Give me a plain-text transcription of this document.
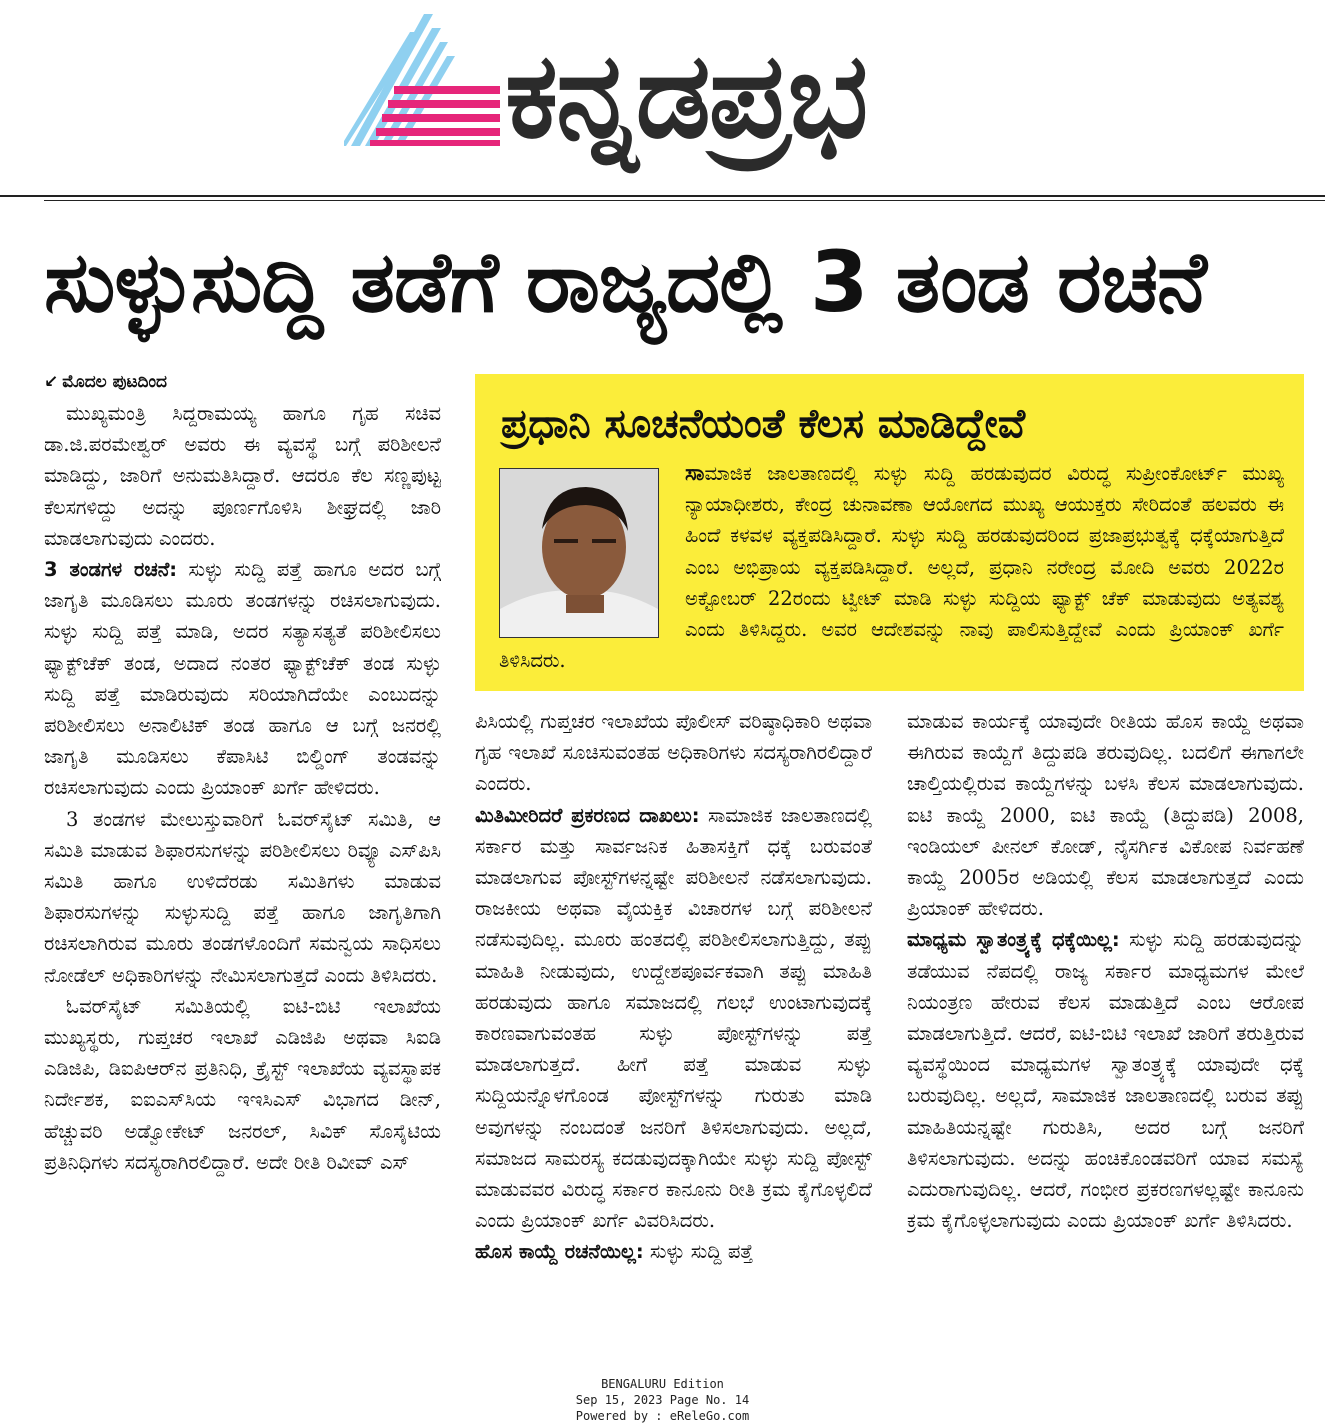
ಕನ್ನಡಪ್ರಭ
ಸುಳ್ಳುಸುದ್ದಿ ತಡೆಗೆ ರಾಜ್ಯದಲ್ಲಿ 3 ತಂಡ ರಚನೆ
↙ ಮೊದಲ ಪುಟದಿಂದ

ಮುಖ್ಯಮಂತ್ರಿ ಸಿದ್ದರಾಮಯ್ಯ ಹಾಗೂ ಗೃಹ ಸಚಿವ ಡಾ.ಜಿ.ಪರಮೇಶ್ವರ್ ಅವರು ಈ ವ್ಯವಸ್ಥೆ ಬಗ್ಗೆ ಪರಿಶೀಲನೆ ಮಾಡಿದ್ದು, ಜಾರಿಗೆ ಅನುಮತಿಸಿದ್ದಾರೆ. ಆದರೂ ಕೆಲ ಸಣ್ಣಪುಟ್ಟ ಕೆಲಸಗಳಿದ್ದು ಅದನ್ನು ಪೂರ್ಣಗೊಳಿಸಿ ಶೀಘ್ರದಲ್ಲಿ ಜಾರಿ ಮಾಡಲಾಗುವುದು ಎಂದರು.

3 ತಂಡಗಳ ರಚನೆ: ಸುಳ್ಳು ಸುದ್ದಿ ಪತ್ತೆ ಹಾಗೂ ಅದರ ಬಗ್ಗೆ ಜಾಗೃತಿ ಮೂಡಿಸಲು ಮೂರು ತಂಡಗಳನ್ನು ರಚಿಸಲಾಗುವುದು. ಸುಳ್ಳು ಸುದ್ದಿ ಪತ್ತೆ ಮಾಡಿ, ಅದರ ಸತ್ಯಾಸತ್ಯತೆ ಪರಿಶೀಲಿಸಲು ಫ್ಯಾಕ್ಟ್‌ಚೆಕ್ ತಂಡ, ಅದಾದ ನಂತರ ಫ್ಯಾಕ್ಟ್‌ಚೆಕ್ ತಂಡ ಸುಳ್ಳು ಸುದ್ದಿ ಪತ್ತೆ ಮಾಡಿರುವುದು ಸರಿಯಾಗಿದೆಯೇ ಎಂಬುದನ್ನು ಪರಿಶೀಲಿಸಲು ಅನಾಲಿಟಿಕ್ ತಂಡ ಹಾಗೂ ಆ ಬಗ್ಗೆ ಜನರಲ್ಲಿ ಜಾಗೃತಿ ಮೂಡಿಸಲು ಕೆಪಾಸಿಟಿ ಬಿಲ್ಡಿಂಗ್ ತಂಡವನ್ನು ರಚಿಸಲಾಗುವುದು ಎಂದು ಪ್ರಿಯಾಂಕ್ ಖರ್ಗೆ ಹೇಳಿದರು.

3 ತಂಡಗಳ ಮೇಲುಸ್ತುವಾರಿಗೆ ಓವರ್‌ಸೈಟ್ ಸಮಿತಿ, ಆ ಸಮಿತಿ ಮಾಡುವ ಶಿಫಾರಸುಗಳನ್ನು ಪರಿಶೀಲಿಸಲು ರಿವ್ಯೂ ಎಸ್‌ಪಿಸಿ ಸಮಿತಿ ಹಾಗೂ ಉಳಿದೆರಡು ಸಮಿತಿಗಳು ಮಾಡುವ ಶಿಫಾರಸುಗಳನ್ನು ಸುಳ್ಳುಸುದ್ದಿ ಪತ್ತೆ ಹಾಗೂ ಜಾಗೃತಿಗಾಗಿ ರಚಿಸಲಾಗಿರುವ ಮೂರು ತಂಡಗಳೊಂದಿಗೆ ಸಮನ್ವಯ ಸಾಧಿಸಲು ನೋಡೆಲ್ ಅಧಿಕಾರಿಗಳನ್ನು ನೇಮಿಸಲಾಗುತ್ತದೆ ಎಂದು ತಿಳಿಸಿದರು.

ಓವರ್‌ಸೈಟ್ ಸಮಿತಿಯಲ್ಲಿ ಐಟಿ-ಬಿಟಿ ಇಲಾಖೆಯ ಮುಖ್ಯಸ್ಥರು, ಗುಪ್ತಚರ ಇಲಾಖೆ ಎಡಿಜಿಪಿ ಅಥವಾ ಸಿಐಡಿ ಎಡಿಜಿಪಿ, ಡಿಐಪಿಆರ್‌ನ ಪ್ರತಿನಿಧಿ, ಕ್ರೈಸ್ಟ್ ಇಲಾಖೆಯ ವ್ಯವಸ್ಥಾಪಕ ನಿರ್ದೇಶಕ, ಐಐಎಸ್‌ಸಿಯ ಇಇಸಿಎಸ್ ವಿಭಾಗದ ಡೀನ್, ಹೆಚ್ಚುವರಿ ಅಡ್ವೋಕೇಟ್ ಜನರಲ್, ಸಿವಿಕ್ ಸೊಸೈಟಿಯ ಪ್ರತಿನಿಧಿಗಳು ಸದಸ್ಯರಾಗಿರಲಿದ್ದಾರೆ. ಅದೇ ರೀತಿ ರಿವೀವ್ ಎಸ್

ಪ್ರಧಾನಿ ಸೂಚನೆಯಂತೆ ಕೆಲಸ ಮಾಡಿದ್ದೇವೆ
ಸಾಮಾಜಿಕ ಜಾಲತಾಣದಲ್ಲಿ ಸುಳ್ಳು ಸುದ್ದಿ ಹರಡುವುದರ ವಿರುದ್ಧ ಸುಪ್ರೀಂಕೋರ್ಟ್ ಮುಖ್ಯ ನ್ಯಾಯಾಧೀಶರು, ಕೇಂದ್ರ ಚುನಾವಣಾ ಆಯೋಗದ ಮುಖ್ಯ ಆಯುಕ್ತರು ಸೇರಿದಂತೆ ಹಲವರು ಈ ಹಿಂದೆ ಕಳವಳ ವ್ಯಕ್ತಪಡಿಸಿದ್ದಾರೆ. ಸುಳ್ಳು ಸುದ್ದಿ ಹರಡುವುದರಿಂದ ಪ್ರಜಾಪ್ರಭುತ್ವಕ್ಕೆ ಧಕ್ಕೆಯಾಗುತ್ತಿದೆ ಎಂಬ ಅಭಿಪ್ರಾಯ ವ್ಯಕ್ತಪಡಿಸಿದ್ದಾರೆ. ಅಲ್ಲದೆ, ಪ್ರಧಾನಿ ನರೇಂದ್ರ ಮೋದಿ ಅವರು 2022ರ ಅಕ್ಟೋಬರ್ 22ರಂದು ಟ್ವೀಟ್ ಮಾಡಿ ಸುಳ್ಳು ಸುದ್ದಿಯ ಫ್ಯಾಕ್ಟ್ ಚೆಕ್ ಮಾಡುವುದು ಅತ್ಯವಶ್ಯ ಎಂದು ತಿಳಿಸಿದ್ದರು. ಅವರ ಆದೇಶವನ್ನು ನಾವು ಪಾಲಿಸುತ್ತಿದ್ದೇವೆ ಎಂದು ಪ್ರಿಯಾಂಕ್ ಖರ್ಗೆ ತಿಳಿಸಿದರು.

ಪಿಸಿಯಲ್ಲಿ ಗುಪ್ತಚರ ಇಲಾಖೆಯ ಪೊಲೀಸ್ ವರಿಷ್ಠಾಧಿಕಾರಿ ಅಥವಾ ಗೃಹ ಇಲಾಖೆ ಸೂಚಿಸುವಂತಹ ಅಧಿಕಾರಿಗಳು ಸದಸ್ಯರಾಗಿರಲಿದ್ದಾರೆ ಎಂದರು.

ಮಿತಿಮೀರಿದರೆ ಪ್ರಕರಣದ ದಾಖಲು: ಸಾಮಾಜಿಕ ಜಾಲತಾಣದಲ್ಲಿ ಸರ್ಕಾರ ಮತ್ತು ಸಾರ್ವಜನಿಕ ಹಿತಾಸಕ್ತಿಗೆ ಧಕ್ಕೆ ಬರುವಂತೆ ಮಾಡಲಾಗುವ ಪೋಸ್ಟ್‌ಗಳನ್ನಷ್ಟೇ ಪರಿಶೀಲನೆ ನಡೆಸಲಾಗುವುದು. ರಾಜಕೀಯ ಅಥವಾ ವೈಯಕ್ತಿಕ ವಿಚಾರಗಳ ಬಗ್ಗೆ ಪರಿಶೀಲನೆ ನಡೆಸುವುದಿಲ್ಲ. ಮೂರು ಹಂತದಲ್ಲಿ ಪರಿಶೀಲಿಸಲಾಗುತ್ತಿದ್ದು, ತಪ್ಪು ಮಾಹಿತಿ ನೀಡುವುದು, ಉದ್ದೇಶಪೂರ್ವಕವಾಗಿ ತಪ್ಪು ಮಾಹಿತಿ ಹರಡುವುದು ಹಾಗೂ ಸಮಾಜದಲ್ಲಿ ಗಲಭೆ ಉಂಟಾಗುವುದಕ್ಕೆ ಕಾರಣವಾಗುವಂತಹ ಸುಳ್ಳು ಪೋಸ್ಟ್‌ಗಳನ್ನು ಪತ್ತೆ ಮಾಡಲಾಗುತ್ತದೆ. ಹೀಗೆ ಪತ್ತೆ ಮಾಡುವ ಸುಳ್ಳು ಸುದ್ದಿಯನ್ನೊಳಗೊಂಡ ಪೋಸ್ಟ್‌ಗಳನ್ನು ಗುರುತು ಮಾಡಿ ಅವುಗಳನ್ನು ನಂಬದಂತೆ ಜನರಿಗೆ ತಿಳಿಸಲಾಗುವುದು. ಅಲ್ಲದೆ, ಸಮಾಜದ ಸಾಮರಸ್ಯ ಕದಡುವುದಕ್ಕಾಗಿಯೇ ಸುಳ್ಳು ಸುದ್ದಿ ಪೋಸ್ಟ್ ಮಾಡುವವರ ವಿರುದ್ಧ ಸರ್ಕಾರ ಕಾನೂನು ರೀತಿ ಕ್ರಮ ಕೈಗೊಳ್ಳಲಿದೆ ಎಂದು ಪ್ರಿಯಾಂಕ್ ಖರ್ಗೆ ವಿವರಿಸಿದರು.

ಹೊಸ ಕಾಯ್ದೆ ರಚನೆಯಿಲ್ಲ: ಸುಳ್ಳು ಸುದ್ದಿ ಪತ್ತೆ

ಮಾಡುವ ಕಾರ್ಯಕ್ಕೆ ಯಾವುದೇ ರೀತಿಯ ಹೊಸ ಕಾಯ್ದೆ ಅಥವಾ ಈಗಿರುವ ಕಾಯ್ದೆಗೆ ತಿದ್ದುಪಡಿ ತರುವುದಿಲ್ಲ. ಬದಲಿಗೆ ಈಗಾಗಲೇ ಚಾಲ್ತಿಯಲ್ಲಿರುವ ಕಾಯ್ದೆಗಳನ್ನು ಬಳಸಿ ಕೆಲಸ ಮಾಡಲಾಗುವುದು. ಐಟಿ ಕಾಯ್ದೆ 2000, ಐಟಿ ಕಾಯ್ದೆ (ತಿದ್ದುಪಡಿ) 2008, ಇಂಡಿಯಲ್ ಪೀನಲ್ ಕೋಡ್, ನೈಸರ್ಗಿಕ ವಿಕೋಪ ನಿರ್ವಹಣೆ ಕಾಯ್ದೆ 2005ರ ಅಡಿಯಲ್ಲಿ ಕೆಲಸ ಮಾಡಲಾಗುತ್ತದೆ ಎಂದು ಪ್ರಿಯಾಂಕ್ ಹೇಳಿದರು.

ಮಾಧ್ಯಮ ಸ್ವಾತಂತ್ರ್ಯಕ್ಕೆ ಧಕ್ಕೆಯಿಲ್ಲ: ಸುಳ್ಳು ಸುದ್ದಿ ಹರಡುವುದನ್ನು ತಡೆಯುವ ನೆಪದಲ್ಲಿ ರಾಜ್ಯ ಸರ್ಕಾರ ಮಾಧ್ಯಮಗಳ ಮೇಲೆ ನಿಯಂತ್ರಣ ಹೇರುವ ಕೆಲಸ ಮಾಡುತ್ತಿದೆ ಎಂಬ ಆರೋಪ ಮಾಡಲಾಗುತ್ತಿದೆ. ಆದರೆ, ಐಟಿ-ಬಿಟಿ ಇಲಾಖೆ ಜಾರಿಗೆ ತರುತ್ತಿರುವ ವ್ಯವಸ್ಥೆಯಿಂದ ಮಾಧ್ಯಮಗಳ ಸ್ವಾತಂತ್ರ್ಯಕ್ಕೆ ಯಾವುದೇ ಧಕ್ಕೆ ಬರುವುದಿಲ್ಲ. ಅಲ್ಲದೆ, ಸಾಮಾಜಿಕ ಜಾಲತಾಣದಲ್ಲಿ ಬರುವ ತಪ್ಪು ಮಾಹಿತಿಯನ್ನಷ್ಟೇ ಗುರುತಿಸಿ, ಅದರ ಬಗ್ಗೆ ಜನರಿಗೆ ತಿಳಿಸಲಾಗುವುದು. ಅದನ್ನು ಹಂಚಿಕೊಂಡವರಿಗೆ ಯಾವ ಸಮಸ್ಯೆ ಎದುರಾಗುವುದಿಲ್ಲ. ಆದರೆ, ಗಂಭೀರ ಪ್ರಕರಣಗಳಲ್ಲಷ್ಟೇ ಕಾನೂನು ಕ್ರಮ ಕೈಗೊಳ್ಳಲಾಗುವುದು ಎಂದು ಪ್ರಿಯಾಂಕ್ ಖರ್ಗೆ ತಿಳಿಸಿದರು.

BENGALURU Edition
Sep 15, 2023 Page No. 14
Powered by : eReleGo.com
